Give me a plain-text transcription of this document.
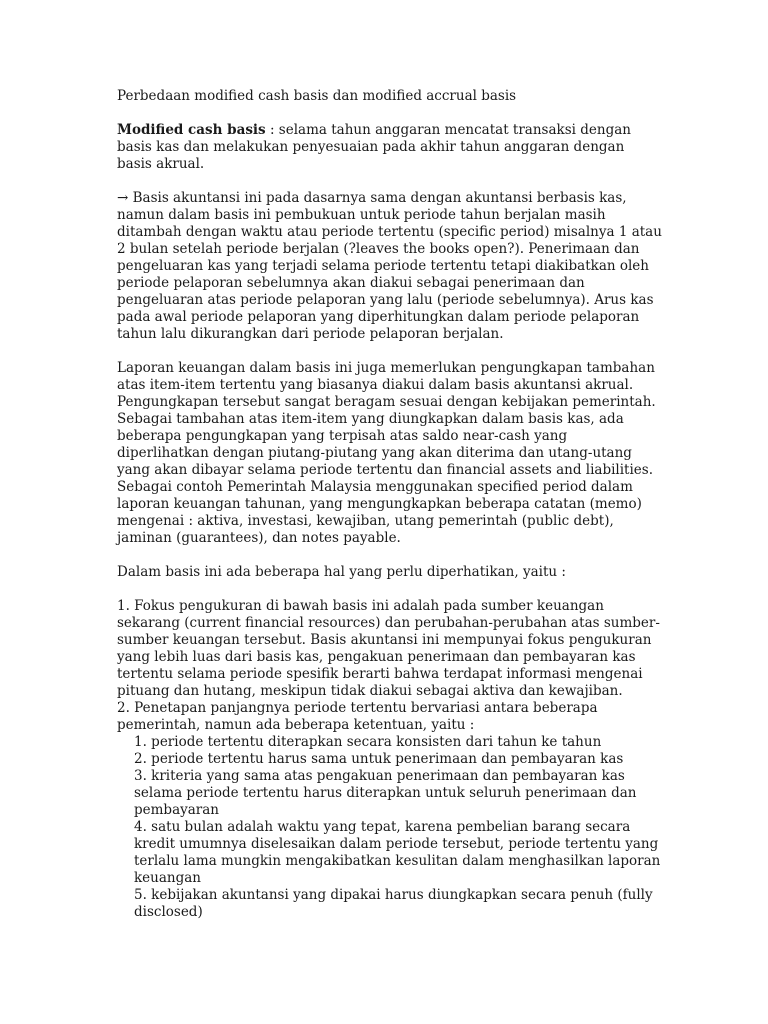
Perbedaan modified cash basis dan modified accrual basis

Modified cash basis : selama tahun anggaran mencatat transaksi dengan basis kas dan melakukan penyesuaian pada akhir tahun anggaran dengan basis akrual.

→ Basis akuntansi ini pada dasarnya sama dengan akuntansi berbasis kas, namun dalam basis ini pembukuan untuk periode tahun berjalan masih ditambah dengan waktu atau periode tertentu (specific period) misalnya 1 atau 2 bulan setelah periode berjalan (?leaves the books open?). Penerimaan dan pengeluaran kas yang terjadi selama periode tertentu tetapi diakibatkan oleh periode pelaporan sebelumnya akan diakui sebagai penerimaan dan pengeluaran atas periode pelaporan yang lalu (periode sebelumnya). Arus kas pada awal periode pelaporan yang diperhitungkan dalam periode pelaporan tahun lalu dikurangkan dari periode pelaporan berjalan.

Laporan keuangan dalam basis ini juga memerlukan pengungkapan tambahan atas item-item tertentu yang biasanya diakui dalam basis akuntansi akrual. Pengungkapan tersebut sangat beragam sesuai dengan kebijakan pemerintah. Sebagai tambahan atas item-item yang diungkapkan dalam basis kas, ada beberapa pengungkapan yang terpisah atas saldo near-cash yang diperlihatkan dengan piutang-piutang yang akan diterima dan utang-utang yang akan dibayar selama periode tertentu dan financial assets and liabilities. Sebagai contoh Pemerintah Malaysia menggunakan specified period dalam laporan keuangan tahunan, yang mengungkapkan beberapa catatan (memo) mengenai : aktiva, investasi, kewajiban, utang pemerintah (public debt), jaminan (guarantees), dan notes payable.

Dalam basis ini ada beberapa hal yang perlu diperhatikan, yaitu :

1. Fokus pengukuran di bawah basis ini adalah pada sumber keuangan sekarang (current financial resources) dan perubahan-perubahan atas sumber-sumber keuangan tersebut. Basis akuntansi ini mempunyai fokus pengukuran yang lebih luas dari basis kas, pengakuan penerimaan dan pembayaran kas tertentu selama periode spesifik berarti bahwa terdapat informasi mengenai pituang dan hutang, meskipun tidak diakui sebagai aktiva dan kewajiban.

2. Penetapan panjangnya periode tertentu bervariasi antara beberapa pemerintah, namun ada beberapa ketentuan, yaitu :

1. periode tertentu diterapkan secara konsisten dari tahun ke tahun

2. periode tertentu harus sama untuk penerimaan dan pembayaran kas

3. kriteria yang sama atas pengakuan penerimaan dan pembayaran kas selama periode tertentu harus diterapkan untuk seluruh penerimaan dan pembayaran

4. satu bulan adalah waktu yang tepat, karena pembelian barang secara kredit umumnya diselesaikan dalam periode tersebut, periode tertentu yang terlalu lama mungkin mengakibatkan kesulitan dalam menghasilkan laporan keuangan

5. kebijakan akuntansi yang dipakai harus diungkapkan secara penuh (fully disclosed)
